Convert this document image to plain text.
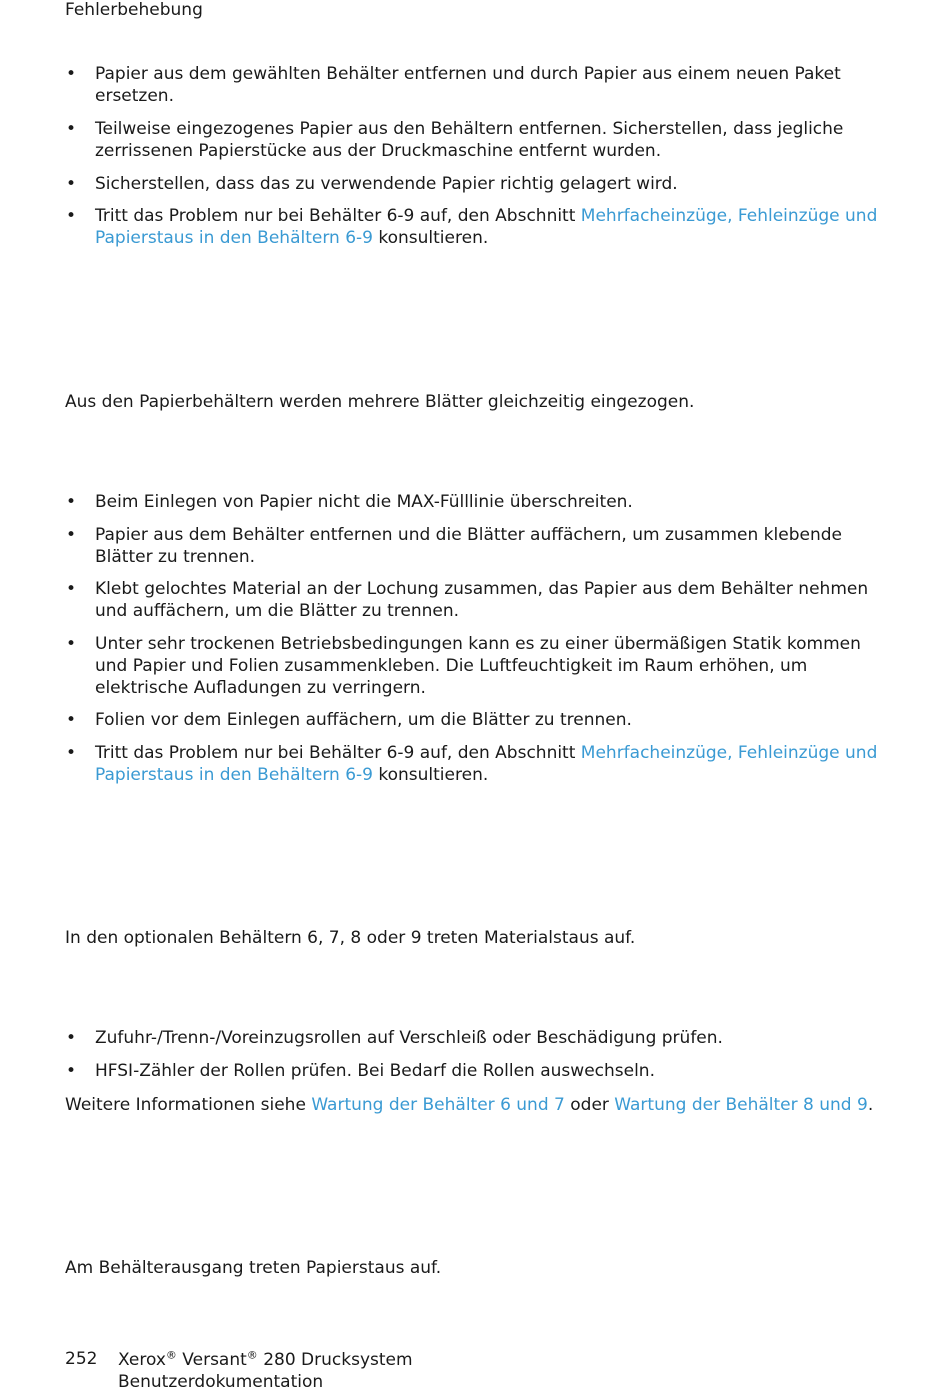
Fehlerbehebung
• Papier aus dem gewählten Behälter entfernen und durch Papier aus einem neuen Paket ersetzen.
• Teilweise eingezogenes Papier aus den Behältern entfernen. Sicherstellen, dass jegliche zerrissenen Papierstücke aus der Druckmaschine entfernt wurden.
• Sicherstellen, dass das zu verwendende Papier richtig gelagert wird.
• Tritt das Problem nur bei Behälter 6-9 auf, den Abschnitt Mehrfacheinzüge, Fehleinzüge und Papierstaus in den Behältern 6-9 konsultieren.
Aus den Papierbehältern werden mehrere Blätter gleichzeitig eingezogen.
• Beim Einlegen von Papier nicht die MAX-Fülllinie überschreiten.
• Papier aus dem Behälter entfernen und die Blätter auffächern, um zusammen klebende Blätter zu trennen.
• Klebt gelochtes Material an der Lochung zusammen, das Papier aus dem Behälter nehmen und auffächern, um die Blätter zu trennen.
• Unter sehr trockenen Betriebsbedingungen kann es zu einer übermäßigen Statik kommen und Papier und Folien zusammenkleben. Die Luftfeuchtigkeit im Raum erhöhen, um elektrische Aufladungen zu verringern.
• Folien vor dem Einlegen auffächern, um die Blätter zu trennen.
• Tritt das Problem nur bei Behälter 6-9 auf, den Abschnitt Mehrfacheinzüge, Fehleinzüge und Papierstaus in den Behältern 6-9 konsultieren.
In den optionalen Behältern 6, 7, 8 oder 9 treten Materialstaus auf.
• Zufuhr-/Trenn-/Voreinzugsrollen auf Verschleiß oder Beschädigung prüfen.
• HFSI-Zähler der Rollen prüfen. Bei Bedarf die Rollen auswechseln.
Weitere Informationen siehe Wartung der Behälter 6 und 7 oder Wartung der Behälter 8 und 9.
Am Behälterausgang treten Papierstaus auf.
252 Xerox® Versant® 280 Drucksystem
Benutzerdokumentation
